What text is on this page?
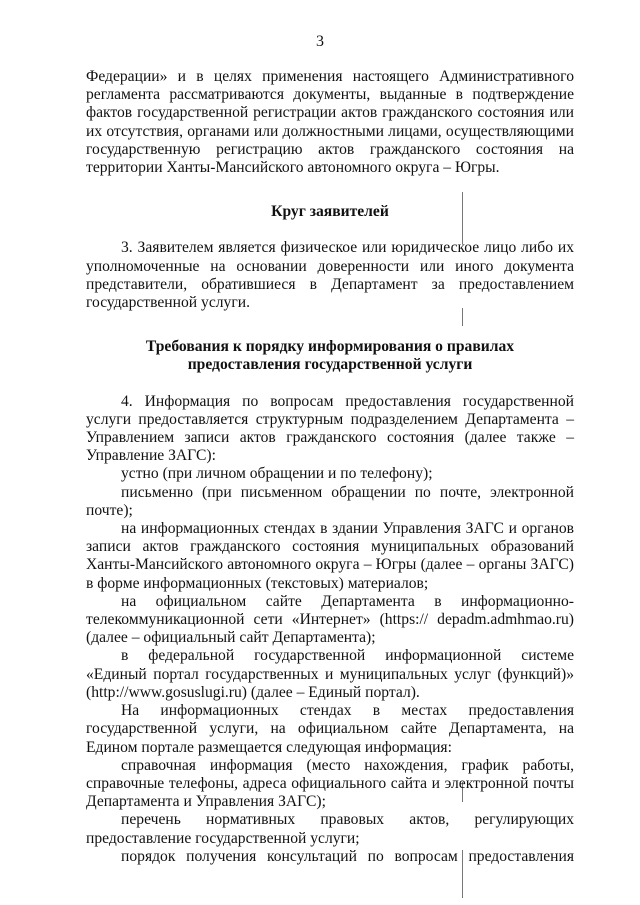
3

Федерации» и в целях применения настоящего Административного регламента рассматриваются документы, выданные в подтверждение фактов государственной регистрации актов гражданского состояния или их отсутствия, органами или должностными лицами, осуществляющими государственную регистрацию актов гражданского состояния на территории Ханты-Мансийского автономного округа – Югры.

Круг заявителей

3. Заявителем является физическое или юридическое лицо либо их уполномоченные на основании доверенности или иного документа представители, обратившиеся в Департамент за предоставлением государственной услуги.

Требования к порядку информирования о правилах

предоставления государственной услуги

4. Информация по вопросам предоставления государственной услуги предоставляется структурным подразделением Департамента – Управлением записи актов гражданского состояния (далее также – Управление ЗАГС):

устно (при личном обращении и по телефону);

письменно (при письменном обращении по почте, электронной почте);

на информационных стендах в здании Управления ЗАГС и органов записи актов гражданского состояния муниципальных образований Ханты-Мансийского автономного округа – Югры (далее – органы ЗАГС) в форме информационных (текстовых) материалов;

на официальном сайте Департамента в информационно-телекоммуникационной сети «Интернет» (https:// depadm.admhmao.ru) (далее – официальный сайт Департамента);

в федеральной государственной информационной системе «Единый портал государственных и муниципальных услуг (функций)» (http://www.gosuslugi.ru) (далее – Единый портал).

На информационных стендах в местах предоставления государственной услуги, на официальном сайте Департамента, на Едином портале размещается следующая информация:

справочная информация (место нахождения, график работы, справочные телефоны, адреса официального сайта и электронной почты Департамента и Управления ЗАГС);

перечень нормативных правовых актов, регулирующих предоставление государственной услуги;

порядок получения консультаций по вопросам предоставления
